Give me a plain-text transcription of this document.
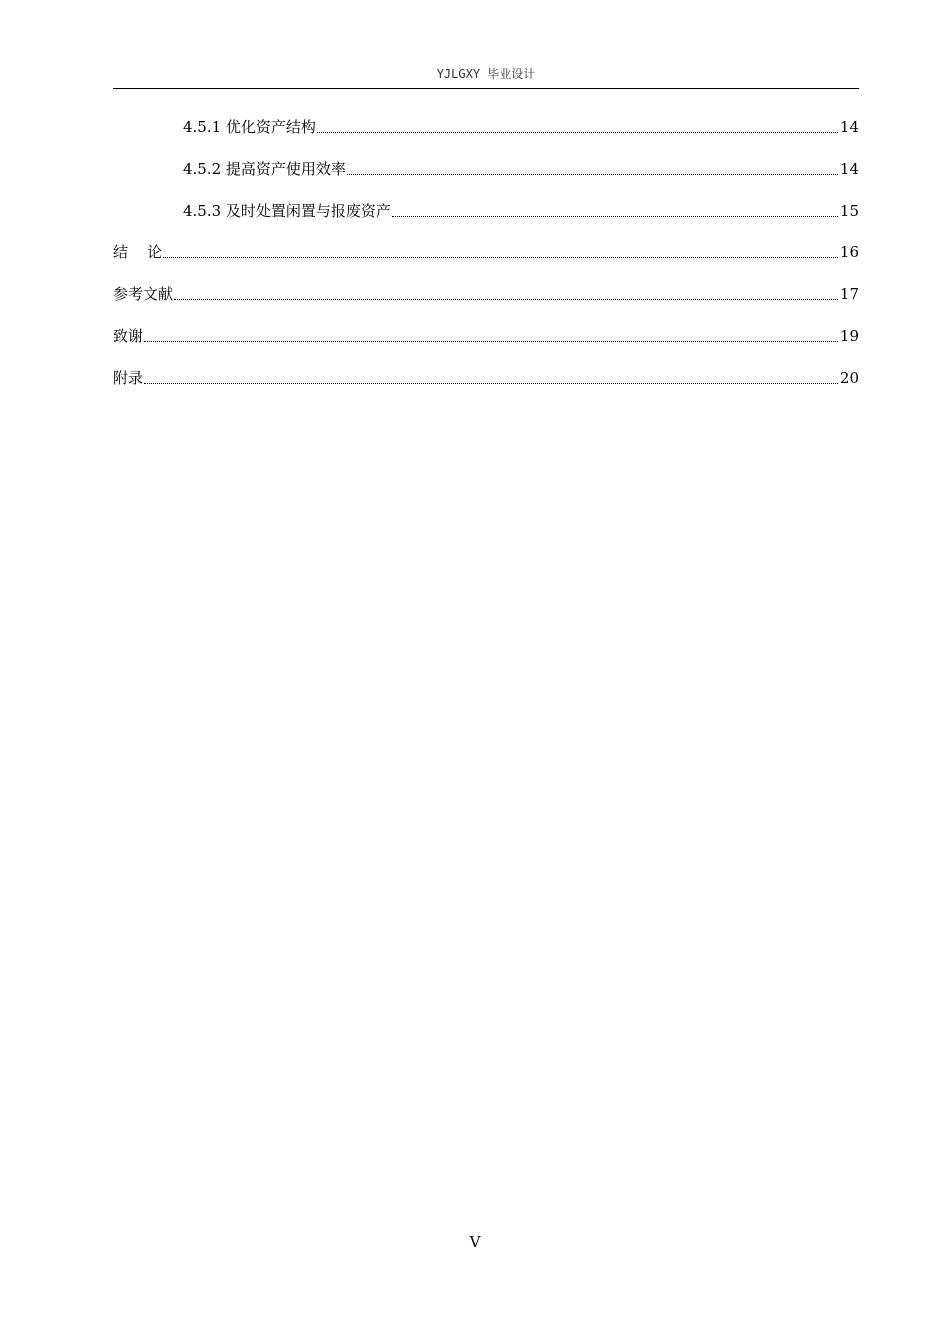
YJLGXY 毕业设计
4.5.1 优化资产结构	14
4.5.2 提高资产使用效率	14
4.5.3 及时处置闲置与报废资产	15
结    论	16
参考文献	17
致谢	19
附录	20
V
